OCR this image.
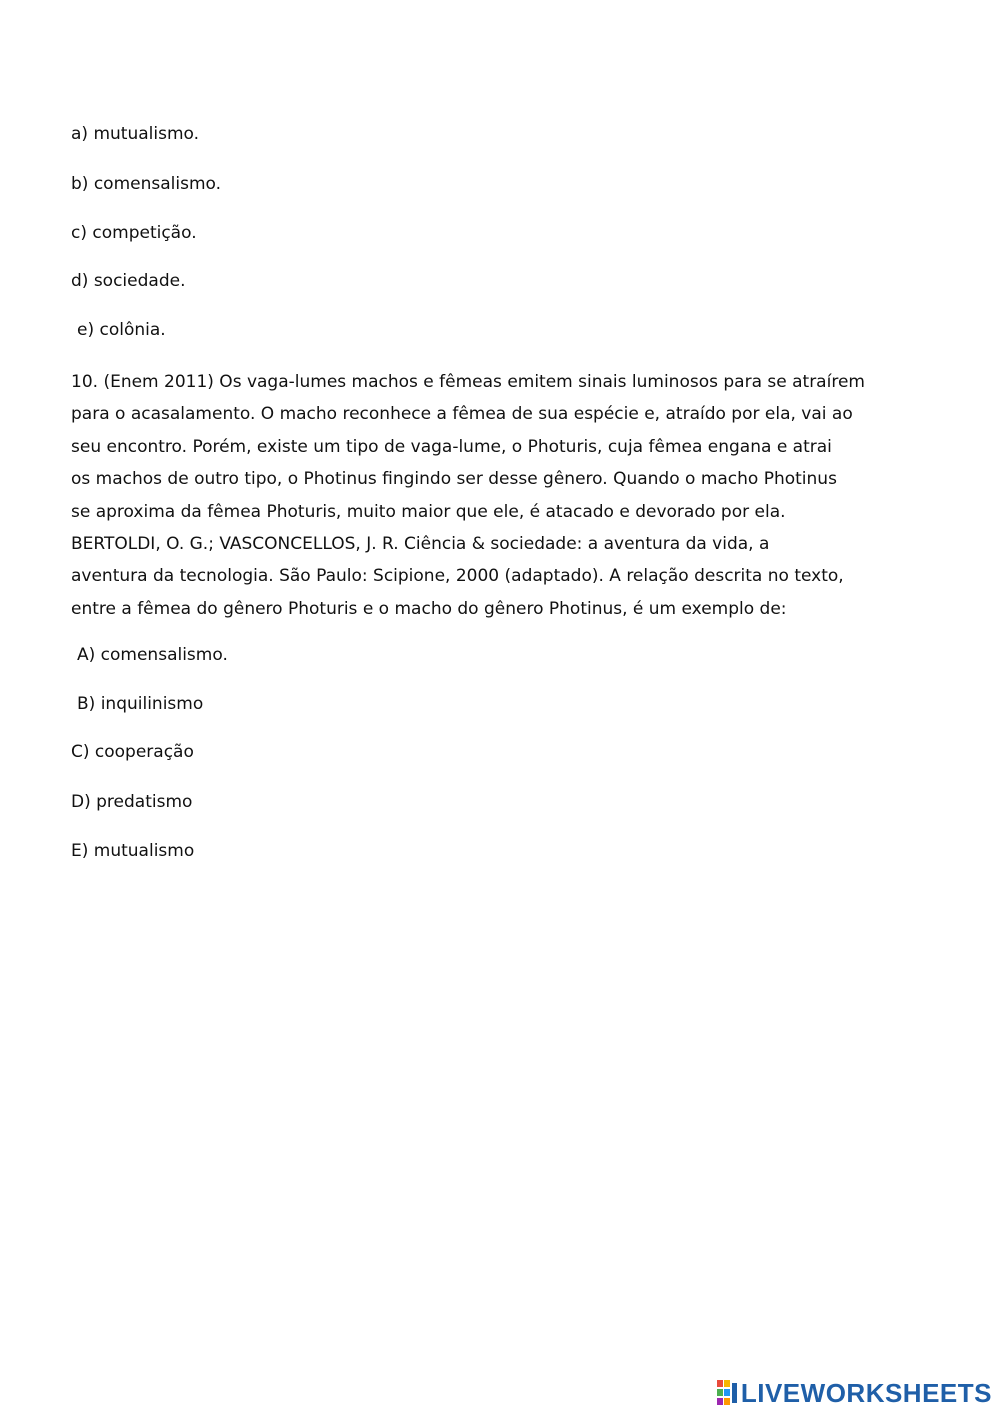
a) mutualismo.
b) comensalismo.
c) competição.
d) sociedade.
e) colônia.
10. (Enem 2011) Os vaga-lumes machos e fêmeas emitem sinais luminosos para se atraírem
para o acasalamento. O macho reconhece a fêmea de sua espécie e, atraído por ela, vai ao
seu encontro. Porém, existe um tipo de vaga-lume, o Photuris, cuja fêmea engana e atrai
os machos de outro tipo, o Photinus fingindo ser desse gênero. Quando o macho Photinus
se aproxima da fêmea Photuris, muito maior que ele, é atacado e devorado por ela.
BERTOLDI, O. G.; VASCONCELLOS, J. R. Ciência & sociedade: a aventura da vida, a
aventura da tecnologia. São Paulo: Scipione, 2000 (adaptado). A relação descrita no texto,
entre a fêmea do gênero Photuris e o macho do gênero Photinus, é um exemplo de:
A) comensalismo.
B) inquilinismo
C) cooperação
D) predatismo
E) mutualismo
LIVEWORKSHEETS
